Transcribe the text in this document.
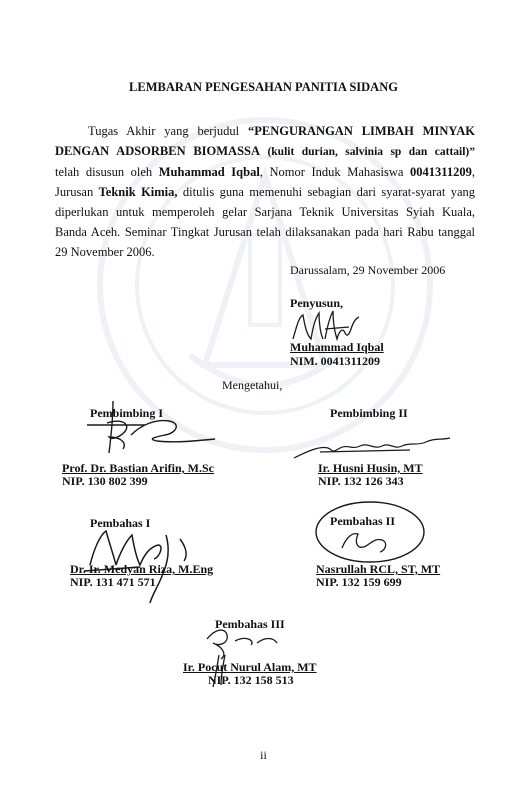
LEMBARAN PENGESAHAN PANITIA SIDANG
Tugas Akhir yang berjudul “PENGURANGAN LIMBAH MINYAK
DENGAN ADSORBEN BIOMASSA (kulit durian, salvinia sp dan cattail)”
telah disusun oleh Muhammad Iqbal, Nomor Induk Mahasiswa 0041311209,
Jurusan Teknik Kimia, ditulis guna memenuhi sebagian dari syarat-syarat yang
diperlukan untuk memperoleh gelar Sarjana Teknik Universitas Syiah Kuala,
Banda Aceh. Seminar Tingkat Jurusan telah dilaksanakan pada hari Rabu tanggal
29 November 2006.
Darussalam, 29 November 2006
Penyusun,
Muhammad Iqbal
NIM. 0041311209
Mengetahui,
Pembimbing I
Prof. Dr. Bastian Arifin, M.Sc
NIP. 130 802 399
Pembimbing II
Ir. Husni Husin, MT
NIP. 132 126 343
Pembahas I
Dr. Ir. Medyan Riza, M.Eng
NIP. 131 471 571
Pembahas II
Nasrullah RCL, ST, MT
NIP. 132 159 699
Pembahas III
Ir. Pocut Nurul Alam, MT
NIP. 132 158 513
ii
